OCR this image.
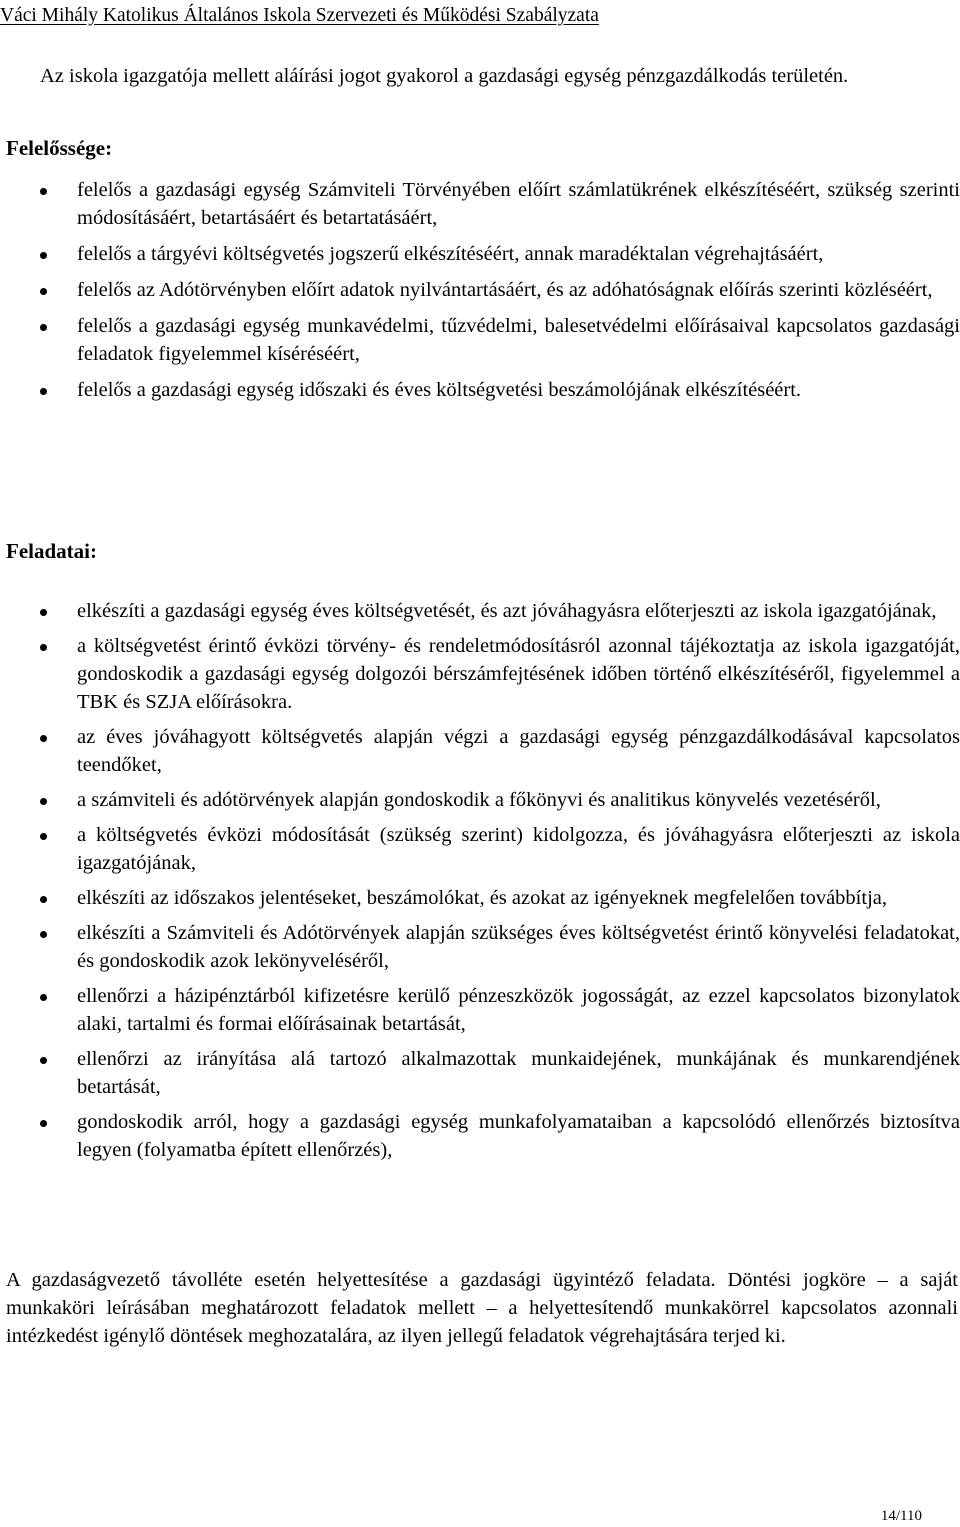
Váci Mihály Katolikus Általános Iskola Szervezeti és Működési Szabályzata
Az iskola igazgatója mellett aláírási jogot gyakorol a gazdasági egység pénzgazdálkodás területén.
Felelőssége:
felelős a gazdasági egység Számviteli Törvényében előírt számlatükrének elkészítéséért, szükség szerinti módosításáért, betartásáért és betartatásáért,
felelős a tárgyévi költségvetés jogszerű elkészítéséért, annak maradéktalan végrehajtásáért,
felelős az Adótörvényben előírt adatok nyilvántartásáért, és az adóhatóságnak előírás szerinti közléséért,
felelős a gazdasági egység munkavédelmi, tűzvédelmi, balesetvédelmi előírásaival kapcsolatos gazdasági feladatok figyelemmel kíséréséért,
felelős a gazdasági egység időszaki és éves költségvetési beszámolójának elkészítéséért.
Feladatai:
elkészíti a gazdasági egység éves költségvetését, és azt jóváhagyásra előterjeszti az iskola igazgatójának,
a költségvetést érintő évközi törvény- és rendeletmódosításról azonnal tájékoztatja az iskola igazgatóját, gondoskodik a gazdasági egység dolgozói bérszámfejtésének időben történő elkészítéséről, figyelemmel a TBK és SZJA előírásokra.
az éves jóváhagyott költségvetés alapján végzi a gazdasági egység pénzgazdálkodásával kapcsolatos teendőket,
a számviteli és adótörvények alapján gondoskodik a főkönyvi és analitikus könyvelés vezetéséről,
a költségvetés évközi módosítását (szükség szerint) kidolgozza, és jóváhagyásra előterjeszti az iskola igazgatójának,
elkészíti az időszakos jelentéseket, beszámolókat, és azokat az igényeknek megfelelően továbbítja,
elkészíti a Számviteli és Adótörvények alapján szükséges éves költségvetést érintő könyvelési feladatokat, és gondoskodik azok lekönyveléséről,
ellenőrzi a házipénztárból kifizetésre kerülő pénzeszközök jogosságát, az ezzel kapcsolatos bizonylatok alaki, tartalmi és formai előírásainak betartását,
ellenőrzi az irányítása alá tartozó alkalmazottak munkaidejének, munkájának és munkarendjének betartását,
gondoskodik arról, hogy a gazdasági egység munkafolyamataiban a kapcsolódó ellenőrzés biztosítva legyen (folyamatba épített ellenőrzés),
A gazdaságvezető távolléte esetén helyettesítése a gazdasági ügyintéző feladata. Döntési jogköre – a saját munkaköri leírásában meghatározott feladatok mellett – a helyettesítendő munkakörrel kapcsolatos azonnali intézkedést igénylő döntések meghozatalára, az ilyen jellegű feladatok végrehajtására terjed ki.
14/110
